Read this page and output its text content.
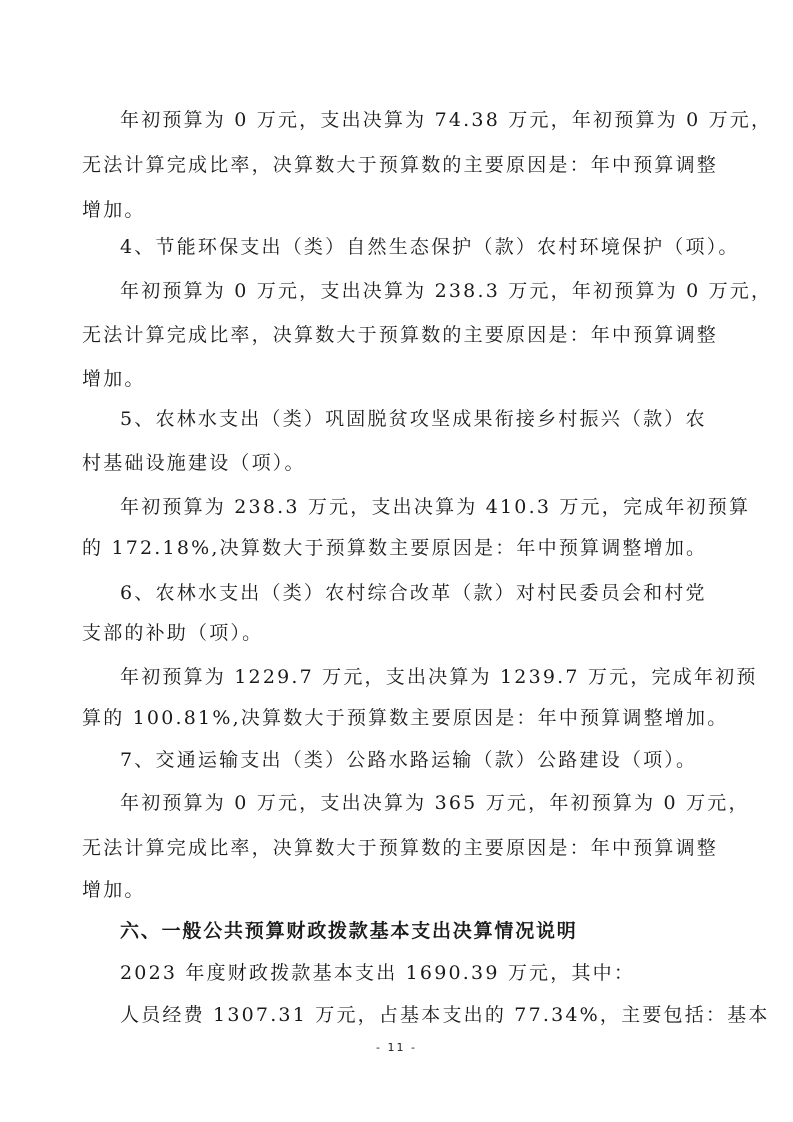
年初预算为 0 万元，支出决算为 74.38 万元，年初预算为 0 万元，
无法计算完成比率，决算数大于预算数的主要原因是：年中预算调整
增加。
4、节能环保支出（类）自然生态保护（款）农村环境保护（项）。
年初预算为 0 万元，支出决算为 238.3 万元，年初预算为 0 万元，
无法计算完成比率，决算数大于预算数的主要原因是：年中预算调整
增加。
5、农林水支出（类）巩固脱贫攻坚成果衔接乡村振兴（款）农
村基础设施建设（项）。
年初预算为 238.3 万元，支出决算为 410.3 万元，完成年初预算
的 172.18%,决算数大于预算数主要原因是：年中预算调整增加。
6、农林水支出（类）农村综合改革（款）对村民委员会和村党
支部的补助（项）。
年初预算为 1229.7 万元，支出决算为 1239.7 万元，完成年初预
算的 100.81%,决算数大于预算数主要原因是：年中预算调整增加。
7、交通运输支出（类）公路水路运输（款）公路建设（项）。
年初预算为 0 万元，支出决算为 365 万元，年初预算为 0 万元，
无法计算完成比率，决算数大于预算数的主要原因是：年中预算调整
增加。
六、一般公共预算财政拨款基本支出决算情况说明
2023 年度财政拨款基本支出 1690.39 万元，其中：
人员经费 1307.31 万元，占基本支出的 77.34%，主要包括：基本
- 11 -
